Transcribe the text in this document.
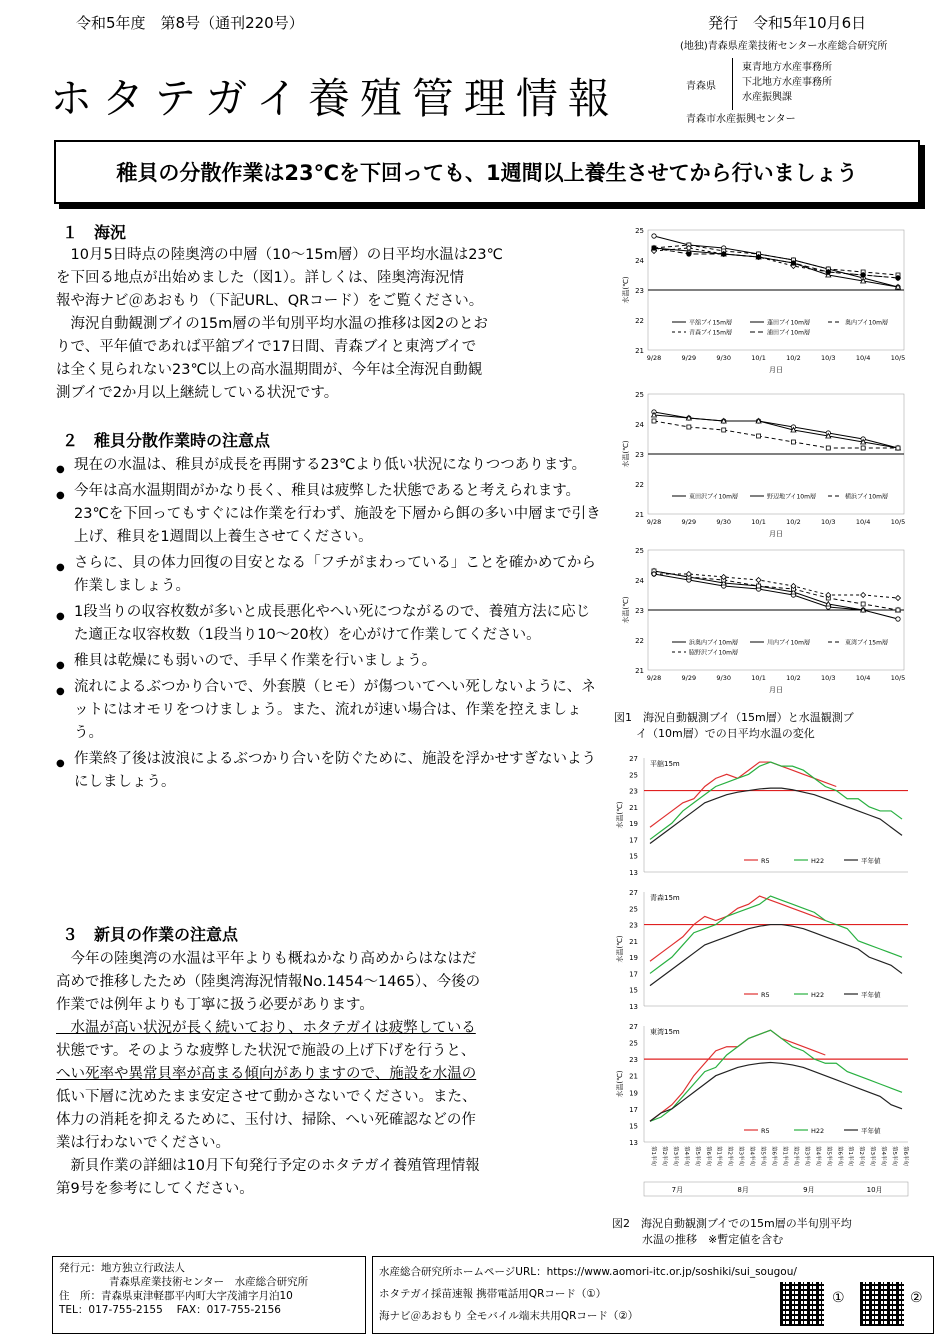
令和5年度　第8号（通刊220号）	発行　令和5年10月6日
(地独)青森県産業技術センター水産総合研究所
ホタテガイ養殖管理情報	青森県
東青地方水産事務所
下北地方水産事務所
水産振興課
青森市水産振興センター
稚貝の分散作業は23℃を下回っても、1週間以上養生させてから行いましょう
１　海況
　10月5日時点の陸奥湾の中層（10～15m層）の日平均水温は23℃
を下回る地点が出始めました（図1）。詳しくは、陸奥湾海況情
報や海ナビ＠あおもり（下記URL、QRコード）をご覧ください。
　海況自動観測ブイの15m層の半旬別平均水温の推移は図2のとお
りで、平年値であれば平舘ブイで17日間、青森ブイと東湾ブイで
は全く見られない23℃以上の高水温期間が、今年は全海況自動観
測ブイで2か月以上継続している状況です。
２　稚貝分散作業時の注意点
● 現在の水温は、稚貝が成長を再開する23℃より低い状況になりつつあります。
● 今年は高水温期間がかなり長く、稚貝は疲弊した状態であると考えられます。23℃を下回ってもすぐには作業を行わず、施設を下層から餌の多い中層まで引き上げ、稚貝を1週間以上養生させてください。
● さらに、貝の体力回復の目安となる「フチがまわっている」ことを確かめてから作業しましょう。
● 1段当りの収容枚数が多いと成長悪化やへい死につながるので、養殖方法に応じた適正な収容枚数（1段当り10～20枚）を心がけて作業してください。
● 稚貝は乾燥にも弱いので、手早く作業を行いましょう。
● 流れによるぶつかり合いで、外套膜（ヒモ）が傷ついてへい死しないように、ネットにはオモリをつけましょう。また、流れが速い場合は、作業を控えましょう。
● 作業終了後は波浪によるぶつかり合いを防ぐために、施設を浮かせすぎないようにしましょう。
３　新貝の作業の注意点
　今年の陸奥湾の水温は平年よりも概ねかなり高めからはなはだ
高めで推移したため（陸奥湾海況情報No.1454～1465）、今後の
作業では例年よりも丁寧に扱う必要があります。
　水温が高い状況が長く続いており、ホタテガイは疲弊している
状態です。そのような疲弊した状況で施設の上げ下げを行うと、
へい死率や異常貝率が高まる傾向がありますので、施設を水温の
低い下層に沈めたまま安定させて動かさないでください。また、
体力の消耗を抑えるために、玉付け、掃除、へい死確認などの作
業は行わないでください。
　新貝作業の詳細は10月下旬発行予定のホタテガイ養殖管理情報
第9号を参考にしてください。
21
22
23
24
25
9/28	9/29	9/30	10/1	10/2	10/3	10/4	10/5
月日
水温(℃)
平舘ブイ15m層	蓬田ブイ10m層	奥内ブイ10m層
青森ブイ15m層	浦田ブイ10m層
21
22
23
24
25
9/28	9/29	9/30	10/1	10/2	10/3	10/4	10/5
月日
水温(℃)
東田沢ブイ10m層	野辺地ブイ10m層	横浜ブイ10m層
21
22
23
24
25
9/28	9/29	9/30	10/1	10/2	10/3	10/4	10/5
月日
水温(℃)
浜奥内ブイ10m層	川内ブイ10m層	東湾ブイ15m層
脇野沢ブイ10m層
図1　海況自動観測ブイ（15m層）と水温観測ブ
イ（10m層）での日平均水温の変化
13
15
17
19
21
23
25
27
平舘15m
水温(℃)
R5	H22	平年値
13
15
17
19
21
23
25
27
青森15m
水温(℃)
R5	H22	平年値
13
15
17
19
21
23
25
27
東湾15m
水温(℃)
R5	H22	平年値
第1半旬 第2半旬 第3半旬 第4半旬 第5半旬 第6半旬 第1半旬 第2半旬 第3半旬 第4半旬 第5半旬 第6半旬 第1半旬 第2半旬 第3半旬 第4半旬 第5半旬 第6半旬 第1半旬 第2半旬 第3半旬 第4半旬 第5半旬 第6半旬
7月	8月	9月	10月
図2　海況自動観測ブイでの15m層の半旬別平均
水温の推移　※暫定値を含む
発行元：地方独立行政法人
青森県産業技術センター　水産総合研究所
住　所：青森県東津軽郡平内町大字茂浦字月泊10
TEL：017-755-2155　 FAX：017-755-2156
水産総合研究所ホームページURL：https://www.aomori-itc.or.jp/soshiki/sui_sougou/
ホタテガイ採苗速報 携帯電話用QRコード（①）
海ナビ＠あおもり 全モバイル端末共用QRコード（②）
①	②
